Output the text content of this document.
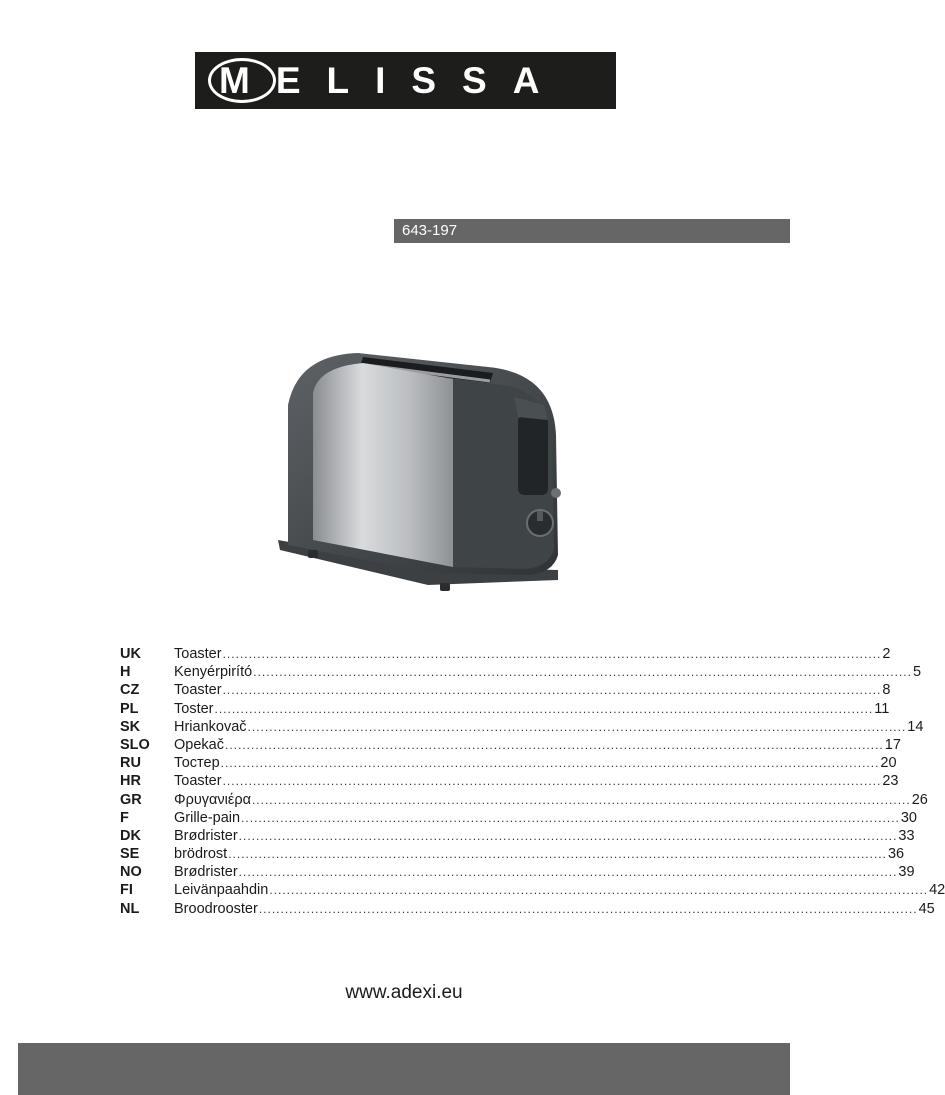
MELISSA
643-197
UK	Toaster ........................................................................................................................................................ 2
H	Kenyérpirító ........................................................................................................................................................ 5
CZ	Toaster ........................................................................................................................................................ 8
PL	Toster ........................................................................................................................................................ 11
SK	Hriankovač ........................................................................................................................................................ 14
SLO	Opekač ........................................................................................................................................................ 17
RU	Тостер ........................................................................................................................................................ 20
HR	Toaster ........................................................................................................................................................ 23
GR	Φρυγανιέρα ........................................................................................................................................................ 26
F	Grille-pain ........................................................................................................................................................ 30
DK	Brødrister ........................................................................................................................................................ 33
SE	brödrost ........................................................................................................................................................ 36
NO	Brødrister ........................................................................................................................................................ 39
FI	Leivänpaahdin ........................................................................................................................................................ 42
NL	Broodrooster ........................................................................................................................................................ 45
www.adexi.eu
